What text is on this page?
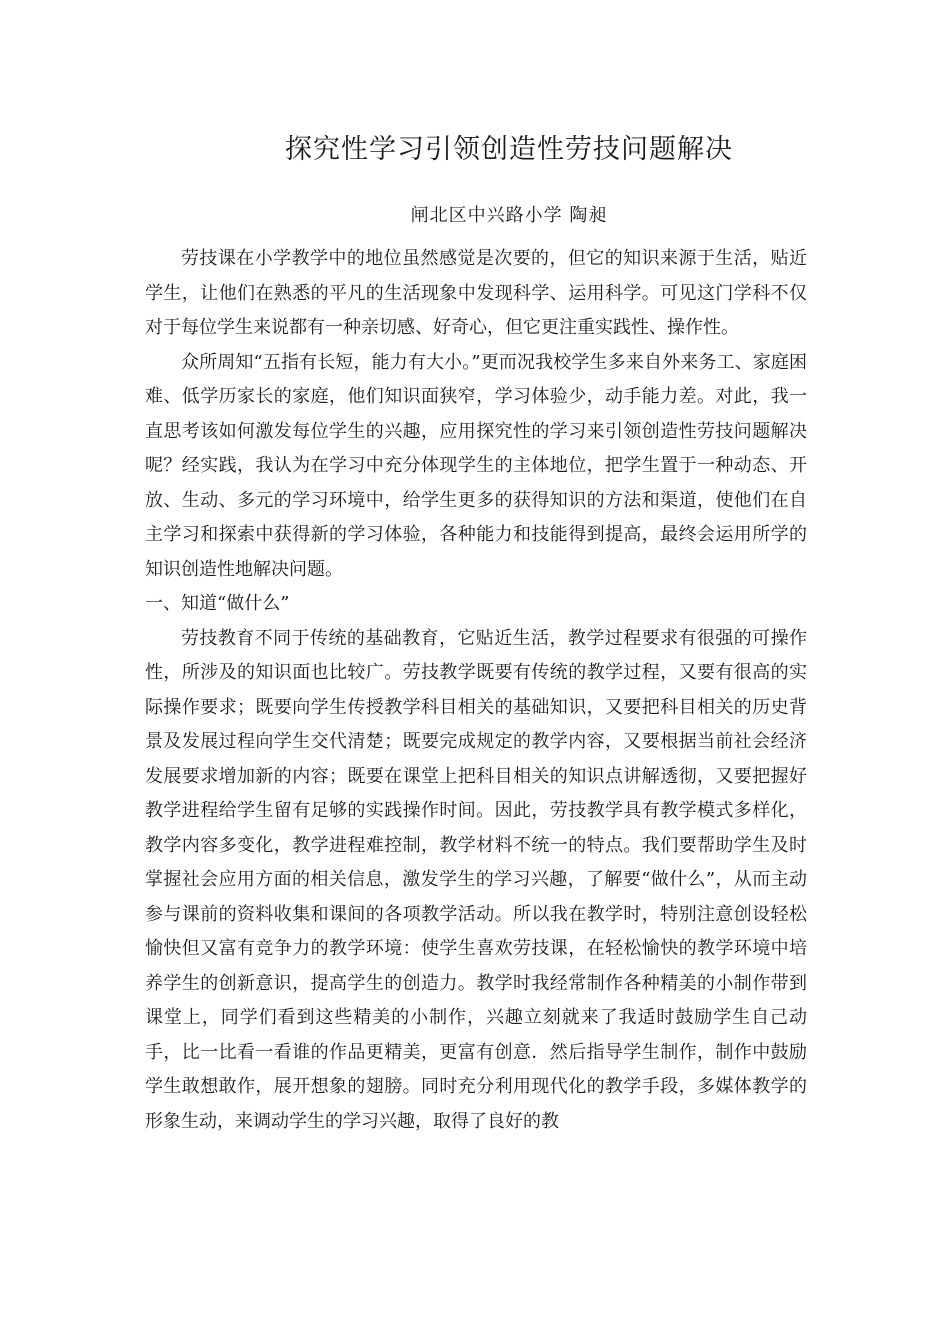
探究性学习引领创造性劳技问题解决
闸北区中兴路小学 陶昶

劳技课在小学教学中的地位虽然感觉是次要的，但它的知识来源于生活，贴近学生，让他们在熟悉的平凡的生活现象中发现科学、运用科学。可见这门学科不仅对于每位学生来说都有一种亲切感、好奇心，但它更注重实践性、操作性。

众所周知“五指有长短，能力有大小。”更而况我校学生多来自外来务工、家庭困难、低学历家长的家庭，他们知识面狭窄，学习体验少，动手能力差。对此，我一直思考该如何激发每位学生的兴趣，应用探究性的学习来引领创造性劳技问题解决呢？经实践，我认为在学习中充分体现学生的主体地位，把学生置于一种动态、开放、生动、多元的学习环境中，给学生更多的获得知识的方法和渠道，使他们在自主学习和探索中获得新的学习体验，各种能力和技能得到提高，最终会运用所学的知识创造性地解决问题。

一、知道“做什么”

劳技教育不同于传统的基础教育，它贴近生活，教学过程要求有很强的可操作性，所涉及的知识面也比较广。劳技教学既要有传统的教学过程，又要有很高的实际操作要求；既要向学生传授教学科目相关的基础知识，又要把科目相关的历史背景及发展过程向学生交代清楚；既要完成规定的教学内容，又要根据当前社会经济发展要求增加新的内容；既要在课堂上把科目相关的知识点讲解透彻，又要把握好教学进程给学生留有足够的实践操作时间。因此，劳技教学具有教学模式多样化，教学内容多变化，教学进程难控制，教学材料不统一的特点。我们要帮助学生及时掌握社会应用方面的相关信息，激发学生的学习兴趣，了解要“做什么”，从而主动参与课前的资料收集和课间的各项教学活动。所以我在教学时，特别注意创设轻松愉快但又富有竞争力的教学环境：使学生喜欢劳技课，在轻松愉快的教学环境中培养学生的创新意识，提高学生的创造力。教学时我经常制作各种精美的小制作带到课堂上，同学们看到这些精美的小制作，兴趣立刻就来了我适时鼓励学生自己动手，比一比看一看谁的作品更精美，更富有创意．然后指导学生制作，制作中鼓励学生敢想敢作，展开想象的翅膀。同时充分利用现代化的教学手段，多媒体教学的形象生动，来调动学生的学习兴趣，取得了良好的教
